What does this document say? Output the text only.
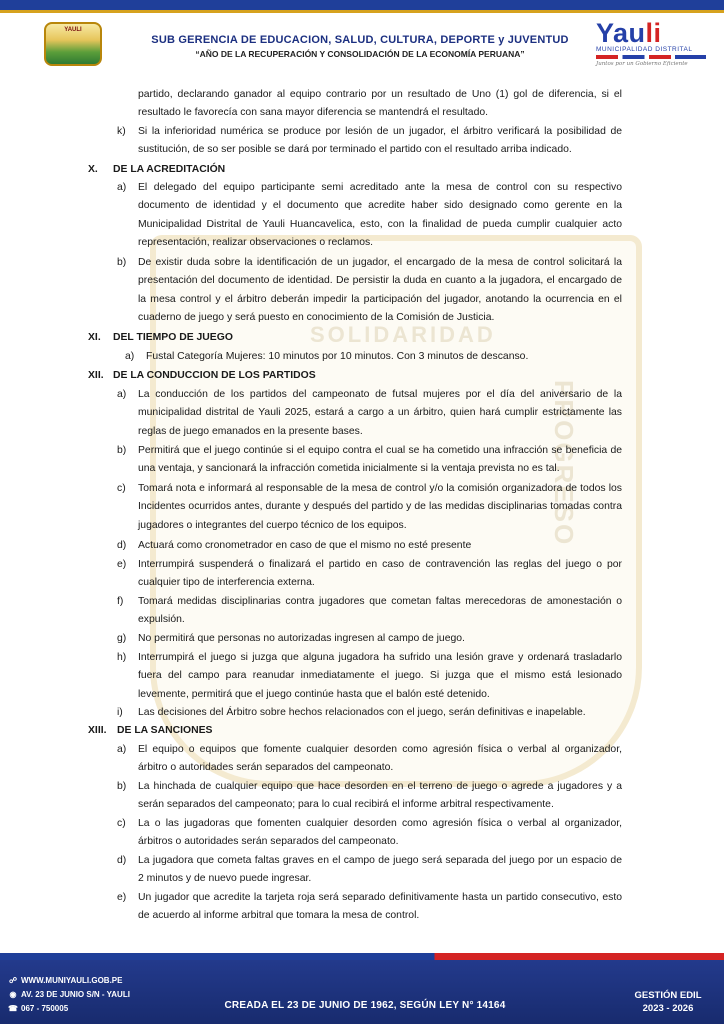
YAULI
SUB GERENCIA DE EDUCACION, SALUD, CULTURA, DEPORTE y JUVENTUD
“AÑO DE LA RECUPERACIÓN Y CONSOLIDACIÓN DE LA ECONOMÍA PERUANA”
Yauli
MUNICIPALIDAD DISTRITAL
Juntos por un Gobierno Eficiente
SOLIDARIDAD
PROGRESO
partido, declarando ganador al equipo contrario por un resultado de Uno (1) gol de diferencia, si el
resultado le favorecía con sana mayor diferencia se mantendrá el resultado.
k) Si la inferioridad numérica se produce por lesión de un jugador, el árbitro verificará la posibilidad de sustitución, de so ser posible se dará por terminado el partido con el resultado arriba indicado.
X. DE LA ACREDITACIÓN
a) El delegado del equipo participante semi acreditado ante la mesa de control con su respectivo documento de identidad y el documento que acredite haber sido designado como gerente en la Municipalidad Distrital de Yauli Huancavelica, esto, con la finalidad de pueda cumplir cualquier acto representación, realizar observaciones o reclamos.
b) De existir duda sobre la identificación de un jugador, el encargado de la mesa de control solicitará la presentación del documento de identidad. De persistir la duda en cuanto a la jugadora, el encargado de la mesa control y el árbitro deberán impedir la participación del jugador, anotando la ocurrencia en el cuaderno de juego y será puesto en conocimiento de la Comisión de Justicia.
XI. DEL TIEMPO DE JUEGO
a) Fustal Categoría Mujeres: 10 minutos por 10 minutos. Con 3 minutos de descanso.
XII. DE LA CONDUCCION DE LOS PARTIDOS
a) La conducción de los partidos del campeonato de futsal mujeres por el día del aniversario de la municipalidad distrital de Yauli 2025, estará a cargo a un árbitro, quien hará cumplir estrictamente las reglas de juego emanados en la presente bases.
b) Permitirá que el juego continúe si el equipo contra el cual se ha cometido una infracción se beneficia de una ventaja, y sancionará la infracción cometida inicialmente si la ventaja prevista no es tal.
c) Tomará nota e informará al responsable de la mesa de control y/o la comisión organizadora de todos los Incidentes ocurridos antes, durante y después del partido y de las medidas disciplinarias tomadas contra jugadores o integrantes del cuerpo técnico de los equipos.
d) Actuará como cronometrador en caso de que el mismo no esté presente
e) Interrumpirá suspenderá o finalizará el partido en caso de contravención las reglas del juego o por cualquier tipo de interferencia externa.
f) Tomará medidas disciplinarias contra jugadores que cometan faltas merecedoras de amonestación o expulsión.
g) No permitirá que personas no autorizadas ingresen al campo de juego.
h) Interrumpirá el juego si juzga que alguna jugadora ha sufrido una lesión grave y ordenará trasladarlo fuera del campo para reanudar inmediatamente el juego. Si juzga que el mismo está lesionado levemente, permitirá que el juego continúe hasta que el balón esté detenido.
i) Las decisiones del Árbitro sobre hechos relacionados con el juego, serán definitivas e inapelable.
XIII. DE LA SANCIONES
a) El equipo o equipos que fomente cualquier desorden como agresión física o verbal al organizador, árbitro o autoridades serán separados del campeonato.
b) La hinchada de cualquier equipo que hace desorden en el terreno de juego o agrede a jugadores y a serán separados del campeonato; para lo cual recibirá el informe arbitral respectivamente.
c) La o las jugadoras que fomenten cualquier desorden como agresión física o verbal al organizador, árbitros o autoridades serán separados del campeonato.
d) La jugadora que cometa faltas graves en el campo de juego será separada del juego por un espacio de 2 minutos y de nuevo puede ingresar.
e) Un jugador que acredite la tarjeta roja será separado definitivamente hasta un partido consecutivo, esto de acuerdo al informe arbitral que tomara la mesa de control.
☍ WWW.MUNIYAULI.GOB.PE
◉ AV. 23 DE JUNIO S/N - YAULI
☎ 067 - 750005	CREADA EL 23 DE JUNIO DE 1962, SEGÚN LEY N° 14164
GESTIÓN EDIL
2023 - 2026
